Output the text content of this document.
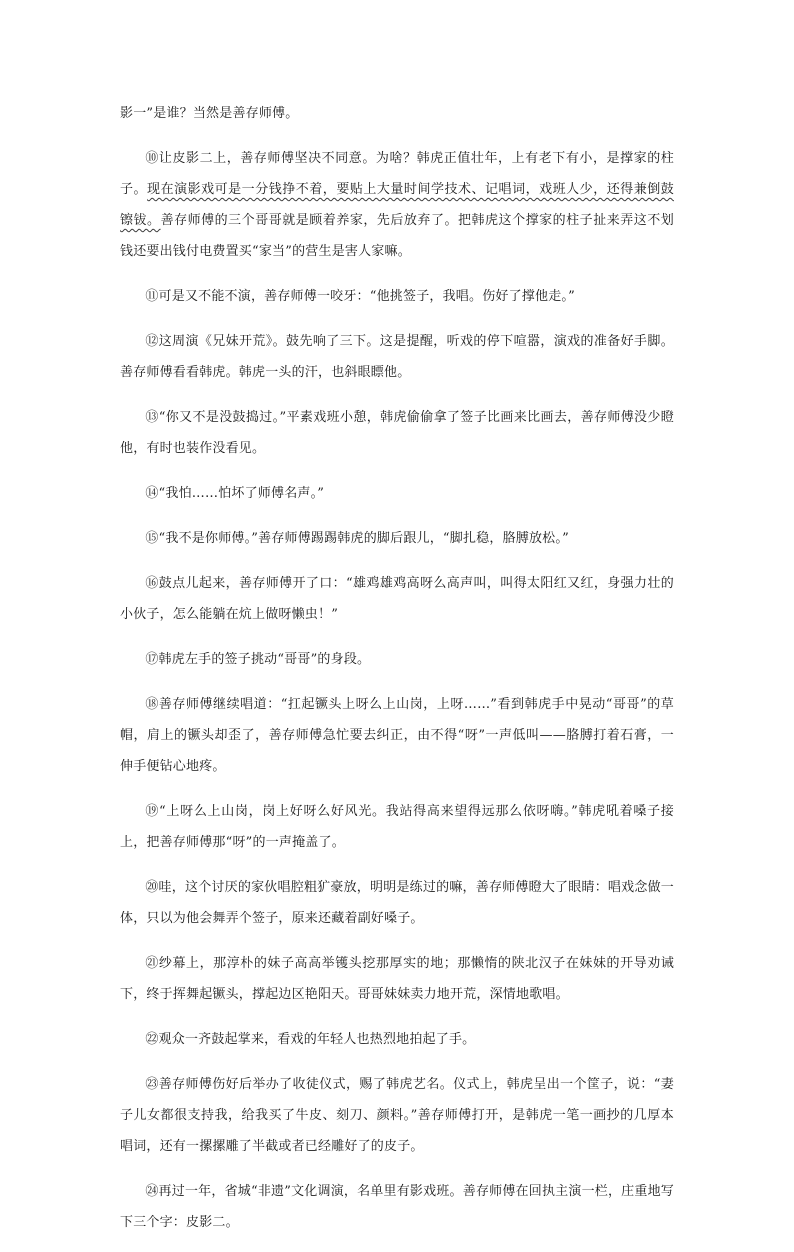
影一”是谁？当然是善存师傅。

⑩让皮影二上，善存师傅坚决不同意。为啥？韩虎正值壮年，上有老下有小，是撑家的柱子。现在演影戏可是一分钱挣不着，要贴上大量时间学技术、记唱词，戏班人少，还得兼倒鼓镲钹。善存师傅的三个哥哥就是顾着养家，先后放弃了。把韩虎这个撑家的柱子扯来弄这不划钱还要出钱付电费置买“家当”的营生是害人家嘛。

⑪可是又不能不演，善存师傅一咬牙：“他挑签子，我唱。伤好了撑他走。”

⑫这周演《兄妹开荒》。鼓先响了三下。这是提醒，听戏的停下喧嚣，演戏的准备好手脚。善存师傅看看韩虎。韩虎一头的汗，也斜眼瞟他。

⑬“你又不是没鼓捣过。”平素戏班小憩，韩虎偷偷拿了签子比画来比画去，善存师傅没少瞪他，有时也装作没看见。

⑭“我怕……怕坏了师傅名声。”

⑮“我不是你师傅。”善存师傅踢踢韩虎的脚后跟儿，“脚扎稳，胳膊放松。”

⑯鼓点儿起来，善存师傅开了口：“雄鸡雄鸡高呀么高声叫，叫得太阳红又红，身强力壮的小伙子，怎么能躺在炕上做呀懒虫！”

⑰韩虎左手的签子挑动“哥哥”的身段。

⑱善存师傅继续唱道：“扛起镢头上呀么上山岗，上呀……”看到韩虎手中晃动“哥哥”的草帽，肩上的镢头却歪了，善存师傅急忙要去纠正，由不得“呀”一声低叫——胳膊打着石膏，一伸手便钻心地疼。

⑲“上呀么上山岗，岗上好呀么好风光。我站得高来望得远那么依呀嗨。”韩虎吼着嗓子接上，把善存师傅那“呀”的一声掩盖了。

⑳哇，这个讨厌的家伙唱腔粗犷豪放，明明是练过的嘛，善存师傅瞪大了眼睛：唱戏念做一体，只以为他会舞弄个签子，原来还藏着副好嗓子。

㉑纱幕上，那淳朴的妹子高高举镬头挖那厚实的地；那懒惰的陕北汉子在妹妹的开导劝诫下，终于挥舞起镢头，撑起边区艳阳天。哥哥妹妹卖力地开荒，深情地歌唱。

㉒观众一齐鼓起掌来，看戏的年轻人也热烈地拍起了手。

㉓善存师傅伤好后举办了收徒仪式，赐了韩虎艺名。仪式上，韩虎呈出一个筐子，说：“妻子儿女都很支持我，给我买了牛皮、刻刀、颜料。”善存师傅打开，是韩虎一笔一画抄的几厚本唱词，还有一摞摞雕了半截或者已经雕好了的皮子。

㉔再过一年，省城“非遗”文化调演，名单里有影戏班。善存师傅在回执主演一栏，庄重地写下三个字：皮影二。
